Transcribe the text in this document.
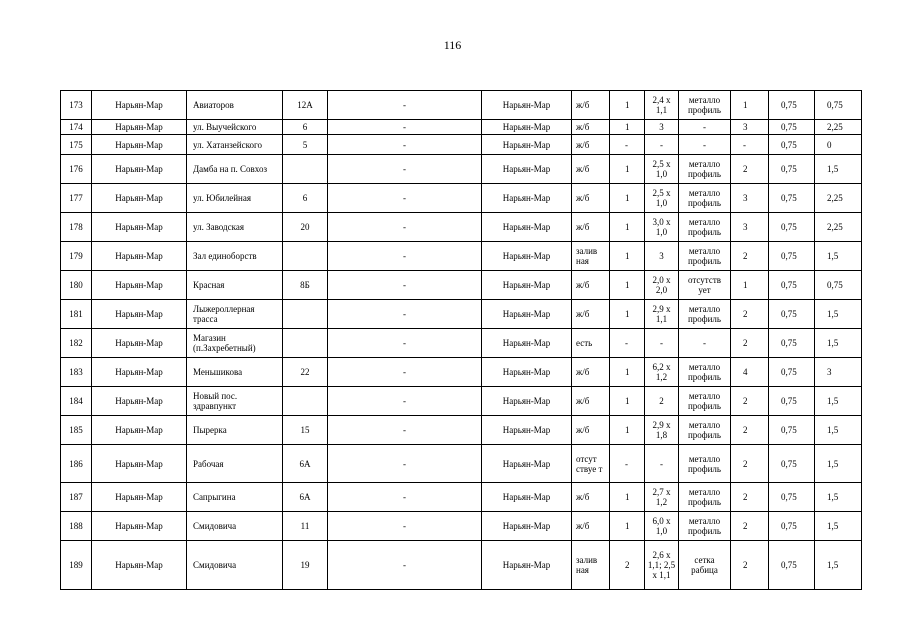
116
173	Нарьян-Мар	Авиаторов	12А	-	Нарьян-Мар	ж/б	1	2,4 х 1,1	металло профиль	1	0,75	0,75
174	Нарьян-Мар	ул. Выучейского	6	-	Нарьян-Мар	ж/б	1	3	-	3	0,75	2,25
175	Нарьян-Мар	ул. Хатанзейского	5	-	Нарьян-Мар	ж/б	-	-	-	-	0,75	0
176	Нарьян-Мар	Дамба на п. Совхоз		-	Нарьян-Мар	ж/б	1	2,5 х 1,0	металло профиль	2	0,75	1,5
177	Нарьян-Мар	ул. Юбилейная	6	-	Нарьян-Мар	ж/б	1	2,5 х 1,0	металло профиль	3	0,75	2,25
178	Нарьян-Мар	ул. Заводская	20	-	Нарьян-Мар	ж/б	1	3,0 х 1,0	металло профиль	3	0,75	2,25
179	Нарьян-Мар	Зал единоборств		-	Нарьян-Мар	залив ная	1	3	металло профиль	2	0,75	1,5
180	Нарьян-Мар	Красная	8Б	-	Нарьян-Мар	ж/б	1	2,0 х 2,0	отсутств ует	1	0,75	0,75
181	Нарьян-Мар	Лыжероллерная трасса		-	Нарьян-Мар	ж/б	1	2,9 х 1,1	металло профиль	2	0,75	1,5
182	Нарьян-Мар	Магазин (п.Захребетный)		-	Нарьян-Мар	есть	-	-	-	2	0,75	1,5
183	Нарьян-Мар	Меньшикова	22	-	Нарьян-Мар	ж/б	1	6,2 х 1,2	металло профиль	4	0,75	3
184	Нарьян-Мар	Новый пос. здравпункт		-	Нарьян-Мар	ж/б	1	2	металло профиль	2	0,75	1,5
185	Нарьян-Мар	Пырерка	15	-	Нарьян-Мар	ж/б	1	2,9 х 1,8	металло профиль	2	0,75	1,5
186	Нарьян-Мар	Рабочая	6А	-	Нарьян-Мар	отсут ствуе т	-	-	металло профиль	2	0,75	1,5
187	Нарьян-Мар	Сапрыгина	6А	-	Нарьян-Мар	ж/б	1	2,7 х 1,2	металло профиль	2	0,75	1,5
188	Нарьян-Мар	Смидовича	11	-	Нарьян-Мар	ж/б	1	6,0 х 1,0	металло профиль	2	0,75	1,5
189	Нарьян-Мар	Смидовича	19	-	Нарьян-Мар	залив ная	2	2,6 х 1,1; 2,5 х 1,1	сетка рабица	2	0,75	1,5
